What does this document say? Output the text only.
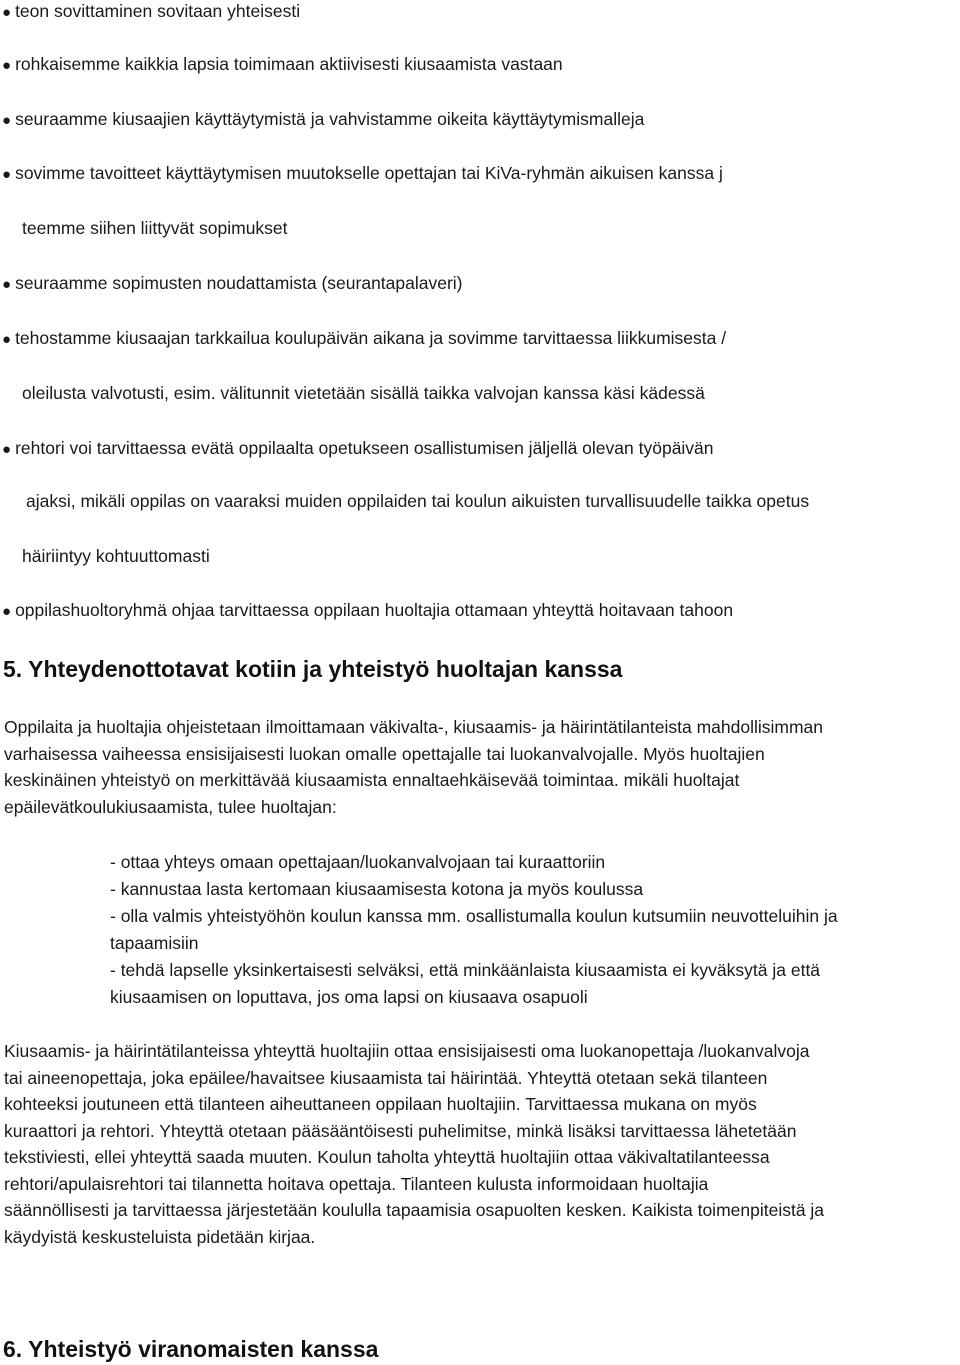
● teon sovittaminen sovitaan yhteisesti
● rohkaisemme kaikkia lapsia toimimaan aktiivisesti kiusaamista vastaan
● seuraamme kiusaajien käyttäytymistä ja vahvistamme oikeita käyttäytymismalleja
● sovimme tavoitteet käyttäytymisen muutokselle opettajan tai KiVa-ryhmän aikuisen kanssa j
teemme siihen liittyvät sopimukset
● seuraamme sopimusten noudattamista (seurantapalaveri)
● tehostamme kiusaajan tarkkailua koulupäivän aikana ja sovimme tarvittaessa liikkumisesta /
oleilusta valvotusti, esim. välitunnit vietetään sisällä taikka valvojan kanssa käsi kädessä
● rehtori voi tarvittaessa evätä oppilaalta opetukseen osallistumisen jäljellä olevan työpäivän
ajaksi, mikäli oppilas on vaaraksi muiden oppilaiden tai koulun aikuisten turvallisuudelle taikka opetus
häiriintyy kohtuuttomasti
● oppilashuoltoryhmä ohjaa tarvittaessa oppilaan huoltajia ottamaan yhteyttä hoitavaan tahoon
5. Yhteydenottotavat kotiin ja yhteistyö huoltajan kanssa
Oppilaita ja huoltajia ohjeistetaan ilmoittamaan väkivalta-, kiusaamis- ja häirintätilanteista mahdollisimman
varhaisessa vaiheessa ensisijaisesti luokan omalle opettajalle tai luokanvalvojalle. Myös huoltajien
keskinäinen yhteistyö on merkittävää kiusaamista ennaltaehkäisevää toimintaa. mikäli huoltajat
epäilevätkoulukiusaamista, tulee huoltajan:
- ottaa yhteys omaan opettajaan/luokanvalvojaan tai kuraattoriin
- kannustaa lasta kertomaan kiusaamisesta kotona ja myös koulussa
- olla valmis yhteistyöhön koulun kanssa mm. osallistumalla koulun kutsumiin neuvotteluihin ja
tapaamisiin
- tehdä lapselle yksinkertaisesti selväksi, että minkäänlaista kiusaamista ei kyväksytä ja että
kiusaamisen on loputtava, jos oma lapsi on kiusaava osapuoli
Kiusaamis- ja häirintätilanteissa yhteyttä huoltajiin ottaa ensisijaisesti oma luokanopettaja /luokanvalvoja
tai aineenopettaja, joka epäilee/havaitsee kiusaamista tai häirintää. Yhteyttä otetaan sekä tilanteen
kohteeksi joutuneen että tilanteen aiheuttaneen oppilaan huoltajiin. Tarvittaessa mukana on myös
kuraattori ja rehtori. Yhteyttä otetaan pääsääntöisesti puhelimitse, minkä lisäksi tarvittaessa lähetetään
tekstiviesti, ellei yhteyttä saada muuten. Koulun taholta yhteyttä huoltajiin ottaa väkivaltatilanteessa
rehtori/apulaisrehtori tai tilannetta hoitava opettaja. Tilanteen kulusta informoidaan huoltajia
säännöllisesti ja tarvittaessa järjestetään koululla tapaamisia osapuolten kesken. Kaikista toimenpiteistä ja
käydyistä keskusteluista pidetään kirjaa.
6. Yhteistyö viranomaisten kanssa
